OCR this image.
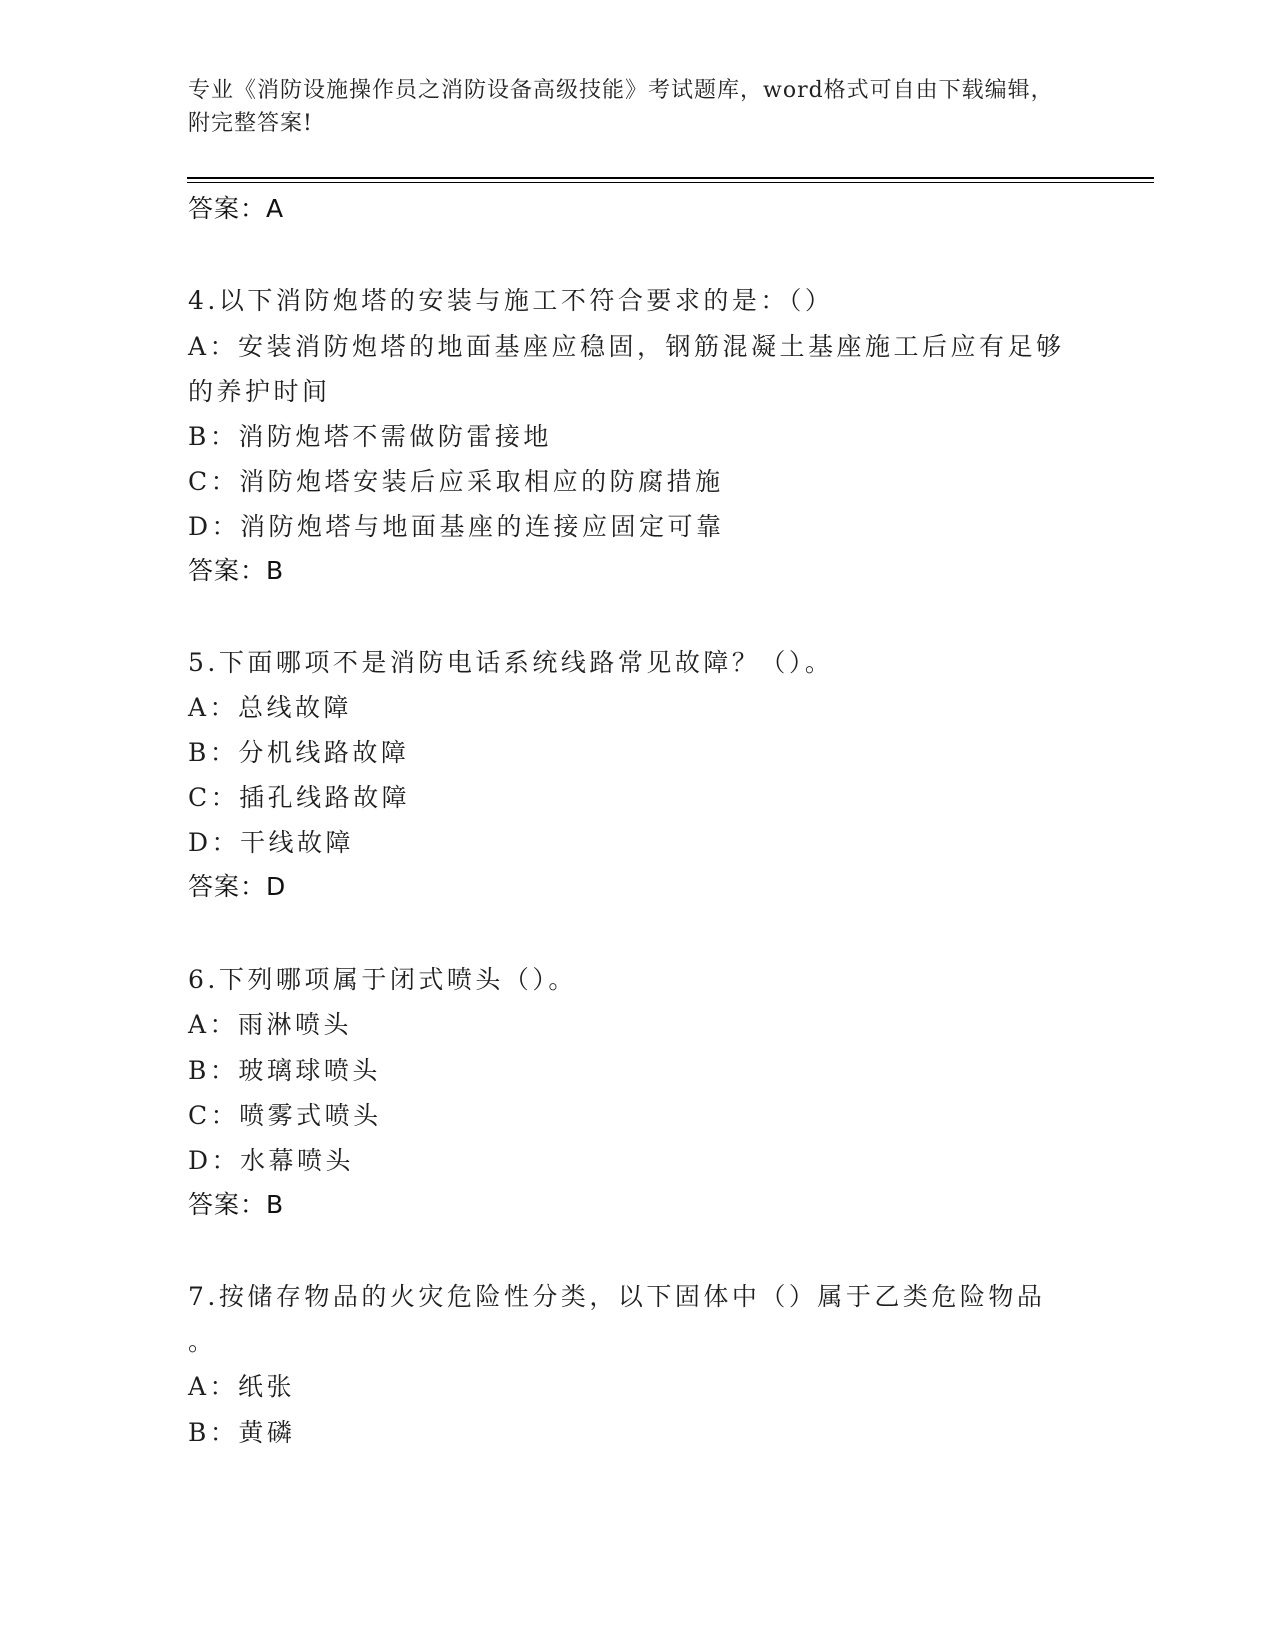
专业《消防设施操作员之消防设备高级技能》考试题库，word格式可自由下载编辑，附完整答案!
答案：A
4.以下消防炮塔的安装与施工不符合要求的是：（）
A：安装消防炮塔的地面基座应稳固，钢筋混凝土基座施工后应有足够
的养护时间
B：消防炮塔不需做防雷接地
C：消防炮塔安装后应采取相应的防腐措施
D：消防炮塔与地面基座的连接应固定可靠
答案：B
5.下面哪项不是消防电话系统线路常见故障？（）。
A：总线故障
B：分机线路故障
C：插孔线路故障
D：干线故障
答案：D
6.下列哪项属于闭式喷头（）。
A：雨淋喷头
B：玻璃球喷头
C：喷雾式喷头
D：水幕喷头
答案：B
7.按储存物品的火灾危险性分类，以下固体中（）属于乙类危险物品
。
A：纸张
B：黄磷
